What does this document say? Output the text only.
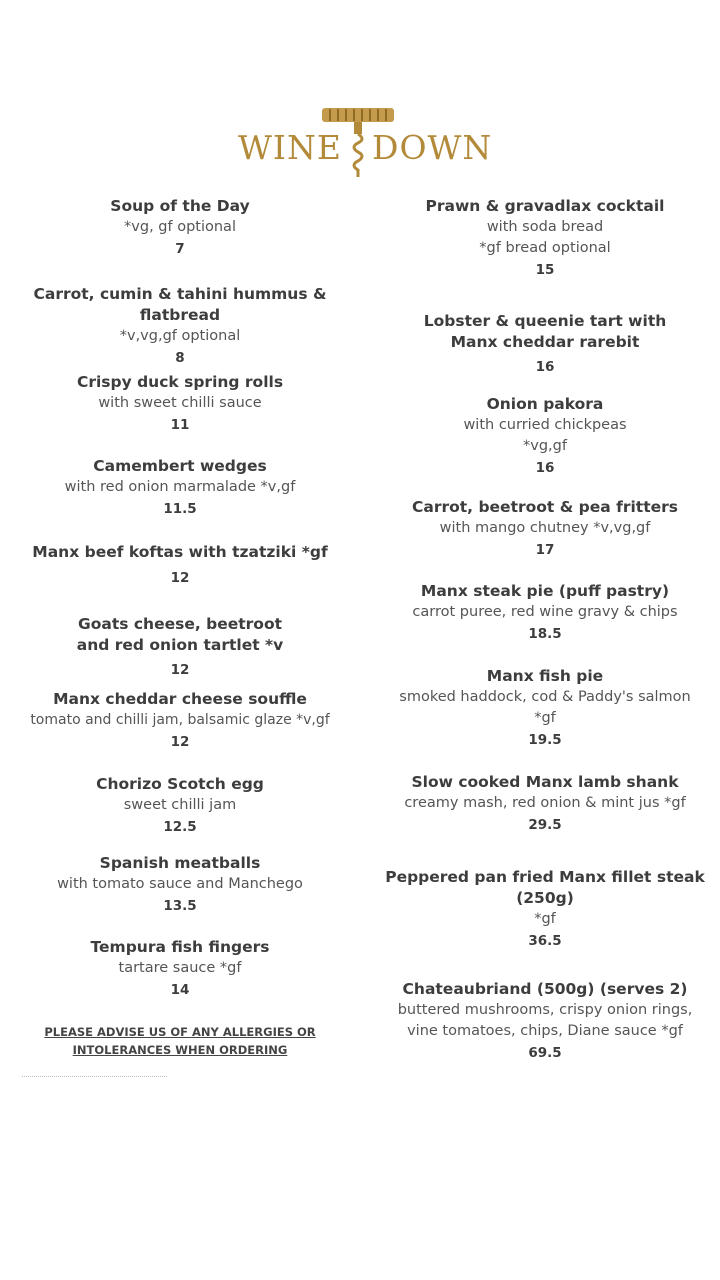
WINE DOWN
Soup of the Day
*vg, gf optional
7
Carrot, cumin & tahini hummus & flatbread
*v,vg,gf optional
8
Crispy duck spring rolls
with sweet chilli sauce
11
Camembert wedges
with red onion marmalade *v,gf
11.5
Manx beef koftas with tzatziki *gf
12
Goats cheese, beetroot
and red onion tartlet *v
12
Manx cheddar cheese souffle
tomato and chilli jam, balsamic glaze *v,gf
12
Chorizo Scotch egg
sweet chilli jam
12.5
Spanish meatballs
with tomato sauce and Manchego
13.5
Tempura fish fingers
tartare sauce *gf
14
PLEASE ADVISE US OF ANY ALLERGIES OR INTOLERANCES WHEN ORDERING
Prawn & gravadlax cocktail
with soda bread
*gf bread optional
15
Lobster & queenie tart with
Manx cheddar rarebit
16
Onion pakora
with curried chickpeas
*vg,gf
16
Carrot, beetroot & pea fritters
with mango chutney *v,vg,gf
17
Manx steak pie (puff pastry)
carrot puree, red wine gravy & chips
18.5
Manx fish pie
smoked haddock, cod & Paddy's salmon
*gf
19.5
Slow cooked Manx lamb shank
creamy mash, red onion & mint jus *gf
29.5
Peppered pan fried Manx fillet steak
(250g)
*gf
36.5
Chateaubriand (500g) (serves 2)
buttered mushrooms, crispy onion rings,
vine tomatoes, chips, Diane sauce *gf
69.5
